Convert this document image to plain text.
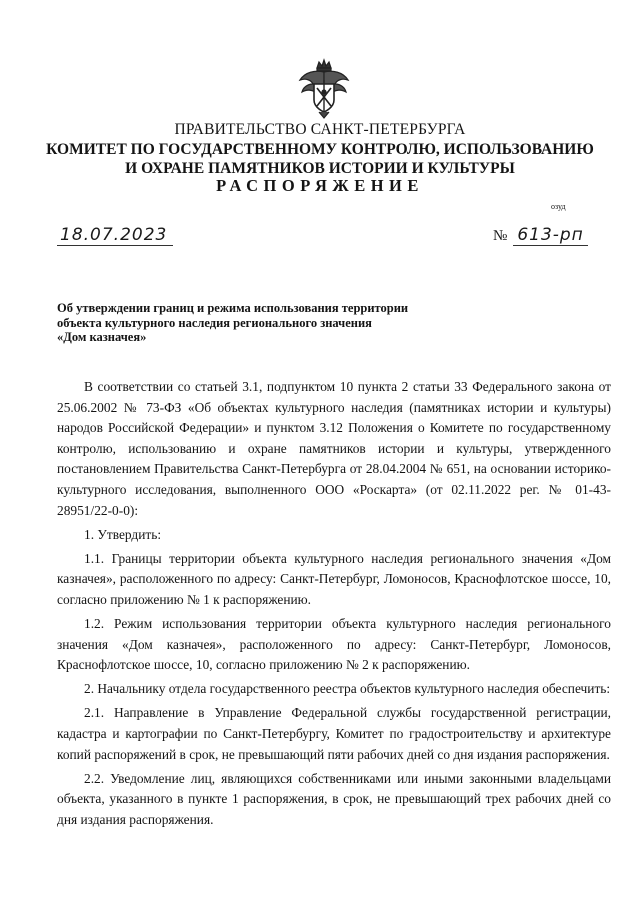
ПРАВИТЕЛЬСТВО САНКТ-ПЕТЕРБУРГА
КОМИТЕТ ПО ГОСУДАРСТВЕННОМУ КОНТРОЛЮ, ИСПОЛЬЗОВАНИЮ
И ОХРАНЕ ПАМЯТНИКОВ ИСТОРИИ И КУЛЬТУРЫ
РАСПОРЯЖЕНИЕ
озуд
18.07.2023	№ 613-рп
Об утверждении границ и режима использования территории
объекта культурного наследия регионального значения
«Дом казначея»

В соответствии со статьей 3.1, подпунктом 10 пункта 2 статьи 33 Федерального закона от 25.06.2002 № 73-ФЗ «Об объектах культурного наследия (памятниках истории и культуры) народов Российской Федерации» и пунктом 3.12 Положения о Комитете по государственному контролю, использованию и охране памятников истории и культуры, утвержденного постановлением Правительства Санкт-Петербурга от 28.04.2004 № 651, на основании историко-культурного исследования, выполненного ООО «Роскарта» (от 02.11.2022 рег. № 01-43-28951/22-0-0):

1. Утвердить:

1.1. Границы территории объекта культурного наследия регионального значения «Дом казначея», расположенного по адресу: Санкт-Петербург, Ломоносов, Краснофлотское шоссе, 10, согласно приложению № 1 к распоряжению.

1.2. Режим использования территории объекта культурного наследия регионального значения «Дом казначея», расположенного по адресу: Санкт-Петербург, Ломоносов, Краснофлотское шоссе, 10, согласно приложению № 2 к распоряжению.

2. Начальнику отдела государственного реестра объектов культурного наследия обеспечить:

2.1. Направление в Управление Федеральной службы государственной регистрации, кадастра и картографии по Санкт-Петербургу, Комитет по градостроительству и архитектуре копий распоряжений в срок, не превышающий пяти рабочих дней со дня издания распоряжения.

2.2. Уведомление лиц, являющихся собственниками или иными законными владельцами объекта, указанного в пункте 1 распоряжения, в срок, не превышающий трех рабочих дней со дня издания распоряжения.
